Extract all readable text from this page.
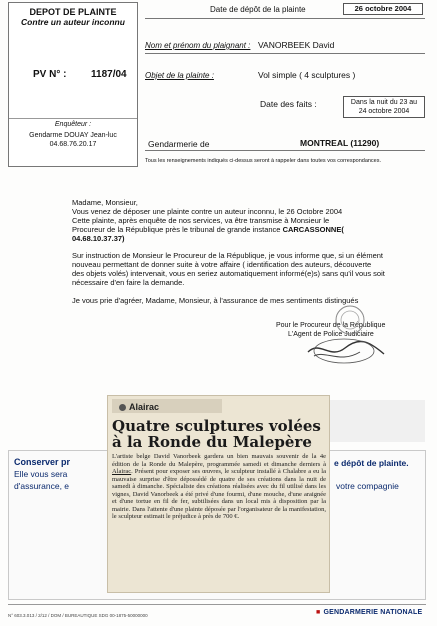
DEPOT DE PLAINTE
Contre un auteur inconnu
PV N° : 1187/04
Enquêteur :
Gendarme DOUAY Jean-luc
04.68.76.20.17
Date de dépôt de la plainte	26 octobre 2004
Nom et prénom du plaignant : VANORBEEK David
Objet de la plainte :	Vol simple ( 4 sculptures )
Date des faits :	Dans la nuit du 23 au
24 octobre 2004
Gendarmerie de	MONTREAL (11290)
Tous les renseignements indiqués ci-dessus seront à rappeler dans toutes vos correspondances.
Madame, Monsieur,
Vous venez de déposer une plainte contre un auteur inconnu, le 26 Octobre 2004
Cette plainte, après enquête de nos services, va être transmise à Monsieur le
Procureur de la République près le tribunal de grande instance CARCASSONNE(
04.68.10.37.37)
Sur instruction de Monsieur le Procureur de la République, je vous informe que, si un élément
nouveau permettant de donner suite à votre affaire ( identification des auteurs, découverte
des objets volés) intervenait, vous en seriez automatiquement informé(e)s) sans qu'il vous soit
nécessaire d'en faire la demande.
Je vous prie d'agréer, Madame, Monsieur, à l'assurance de mes sentiments distingués
Pour le Procureur de la République
L'Agent de Police Judiciaire
Conserver pr
Elle vous sera
d'assurance, e
e dépôt de plainte.
votre compagnie
Alairac
Quatre sculptures volées à la Ronde du Malepère
L'artiste belge David Vanorbeek gardera un bien mauvais souvenir de la 4e édition de la Ronde du Malepère, programmée samedi et dimanche derniers à Alairac. Présent pour exposer ses œuvres, le sculpteur installé à Chalabre a eu la mauvaise surprise d'être dépossédé de quatre de ses créations dans la nuit de samedi à dimanche. Spécialiste des créations réalisées avec du fil utilisé dans les vignes, David Vanorbeek a été privé d'une fourmi, d'une mouche, d'une araignée et d'une tortue en fil de fer, subtilisées dans un local mis à disposition par la mairie. Dans l'attente d'une plainte déposée par l'organisateur de la manifestation, le sculpteur estimait le préjudice à près de 700 €.
N° 603.3.013 / 2/12 / DOM / BUREAUTIQUE SDG 00-1875-50000000	■ GENDARMERIE NATIONALE
